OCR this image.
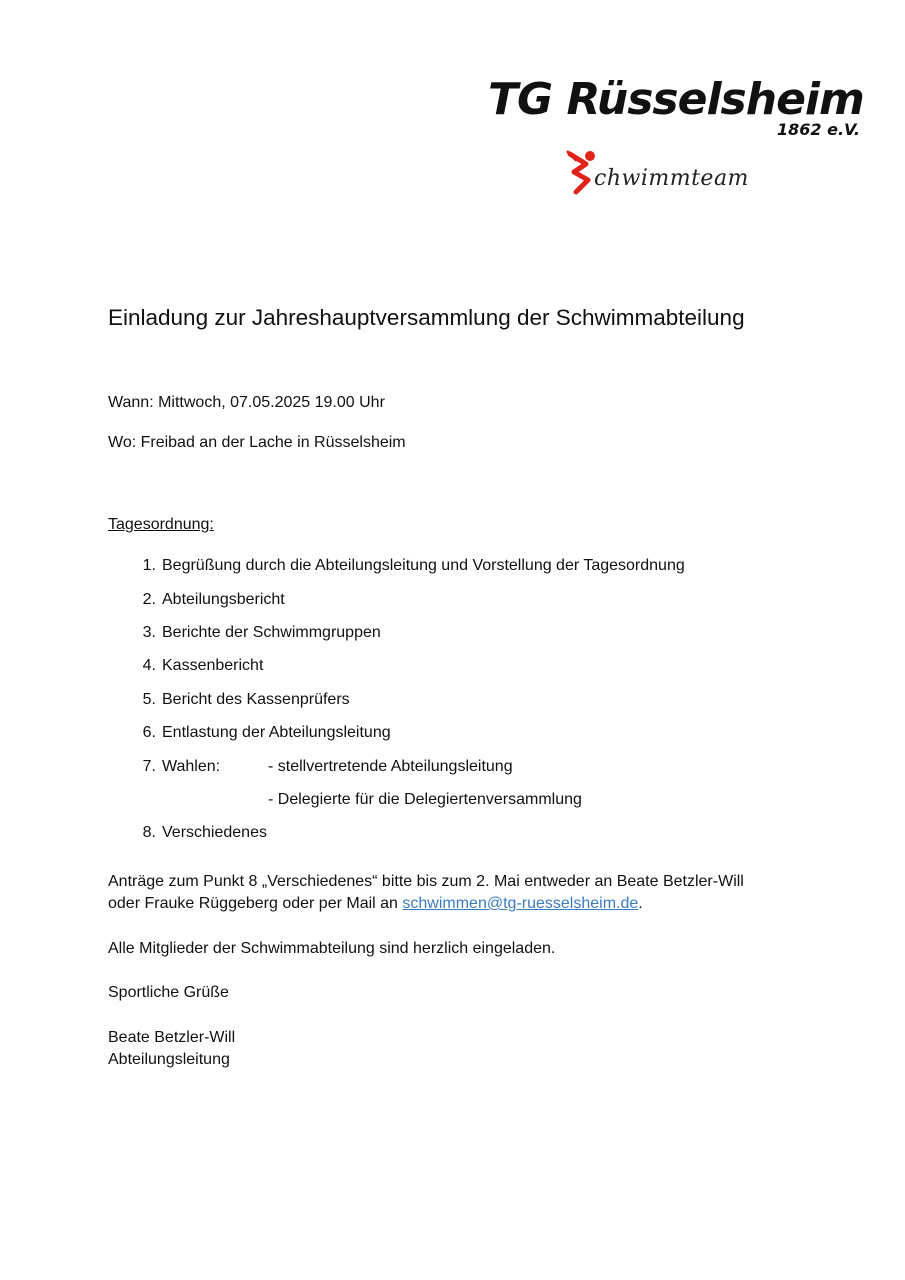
TG Rüsselsheim
1862 e.V.
chwimmteam
Einladung zur Jahreshauptversammlung der Schwimmabteilung
Wann: Mittwoch, 07.05.2025 19.00 Uhr
Wo: Freibad an der Lache in Rüsselsheim
Tagesordnung:
1. Begrüßung durch die Abteilungsleitung und Vorstellung der Tagesordnung
2. Abteilungsbericht
3. Berichte der Schwimmgruppen
4. Kassenbericht
5. Bericht des Kassenprüfers
6. Entlastung der Abteilungsleitung
7. Wahlen:	- stellvertretende Abteilungsleitung
- Delegierte für die Delegiertenversammlung
8. Verschiedenes
Anträge zum Punkt 8 „Verschiedenes“ bitte bis zum 2. Mai entweder an Beate Betzler-Will
oder Frauke Rüggeberg oder per Mail an schwimmen@tg-ruesselsheim.de.
Alle Mitglieder der Schwimmabteilung sind herzlich eingeladen.
Sportliche Grüße
Beate Betzler-Will
Abteilungsleitung
